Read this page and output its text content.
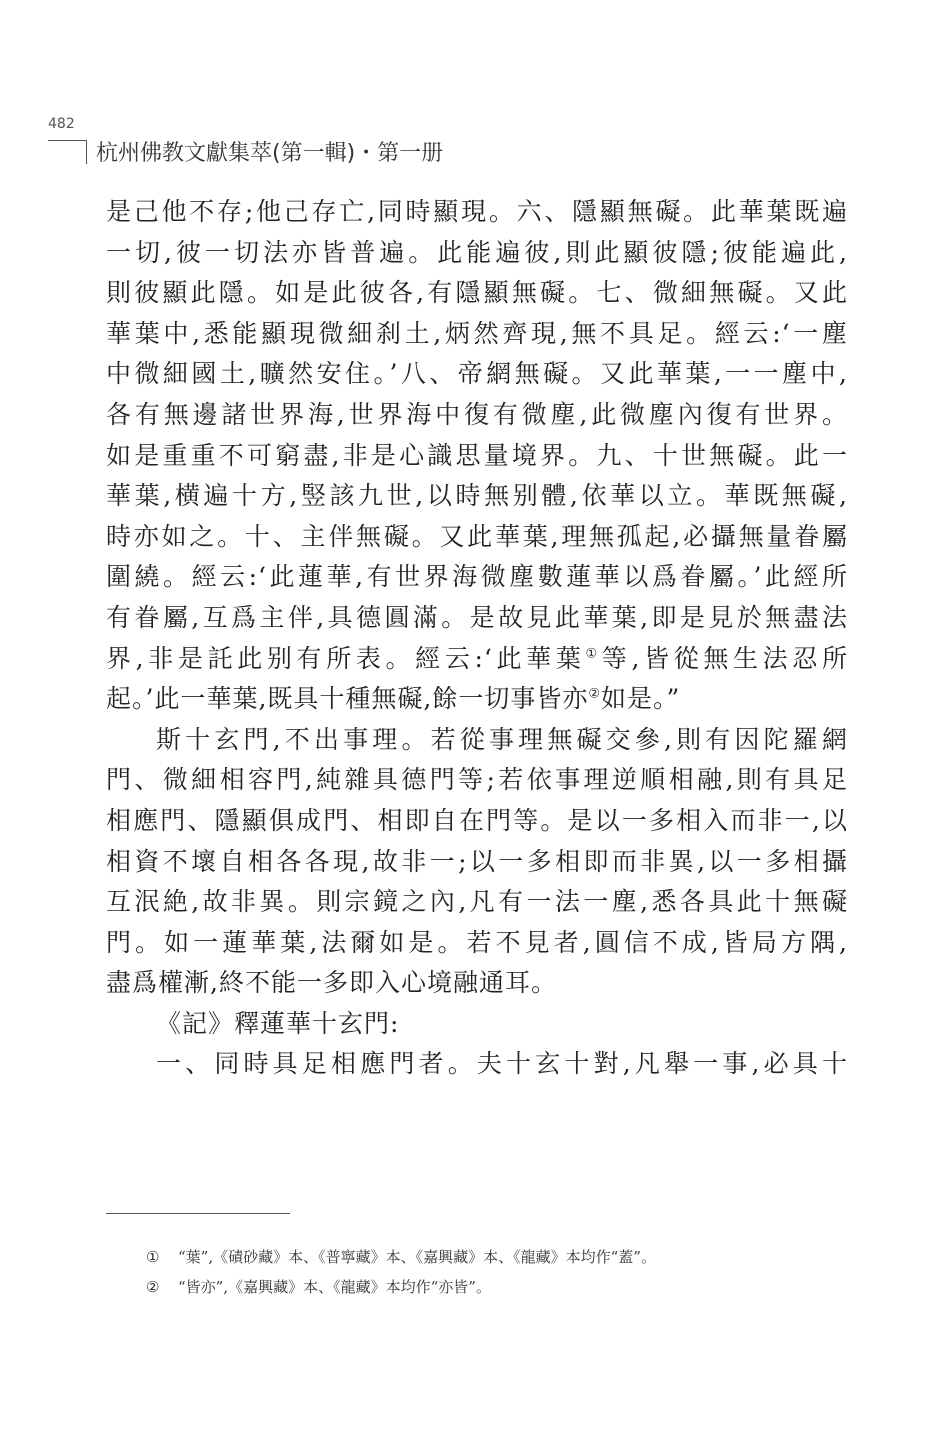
482
杭州佛教文獻集萃(第一輯)・第一册

是己他不存;他己存亡,同時顯現。六、隱顯無礙。此華葉既遍

一切,彼一切法亦皆普遍。此能遍彼,則此顯彼隱;彼能遍此,

則彼顯此隱。如是此彼各,有隱顯無礙。七、微細無礙。又此

華葉中,悉能顯現微細刹土,炳然齊現,無不具足。經云:‘一塵

中微細國土,曠然安住。’八、帝網無礙。又此華葉,一一塵中,

各有無邊諸世界海,世界海中復有微塵,此微塵內復有世界。

如是重重不可窮盡,非是心識思量境界。九、十世無礙。此一

華葉,横遍十方,竪該九世,以時無别體,依華以立。華既無礙,

時亦如之。十、主伴無礙。又此華葉,理無孤起,必攝無量眷屬

圍繞。經云:‘此蓮華,有世界海微塵數蓮華以爲眷屬。’此經所

有眷屬,互爲主伴,具德圓滿。是故見此華葉,即是見於無盡法

界,非是託此别有所表。經云:‘此華葉①等,皆從無生法忍所

起。’此一華葉,既具十種無礙,餘一切事皆亦②如是。”

斯十玄門,不出事理。若從事理無礙交參,則有因陀羅網

門、微細相容門,純雜具德門等;若依事理逆順相融,則有具足

相應門、隱顯俱成門、相即自在門等。是以一多相入而非一,以

相資不壞自相各各現,故非一;以一多相即而非異,以一多相攝

互泯絶,故非異。則宗鏡之內,凡有一法一塵,悉各具此十無礙

門。如一蓮華葉,法爾如是。若不見者,圓信不成,皆局方隅,

盡爲權漸,終不能一多即入心境融通耳。

《記》釋蓮華十玄門:

一、同時具足相應門者。夫十玄十對,凡舉一事,必具十

①	“葉”,《磧砂藏》本、《普寧藏》本、《嘉興藏》本、《龍藏》本均作“蓋”。
②	“皆亦”,《嘉興藏》本、《龍藏》本均作“亦皆”。
